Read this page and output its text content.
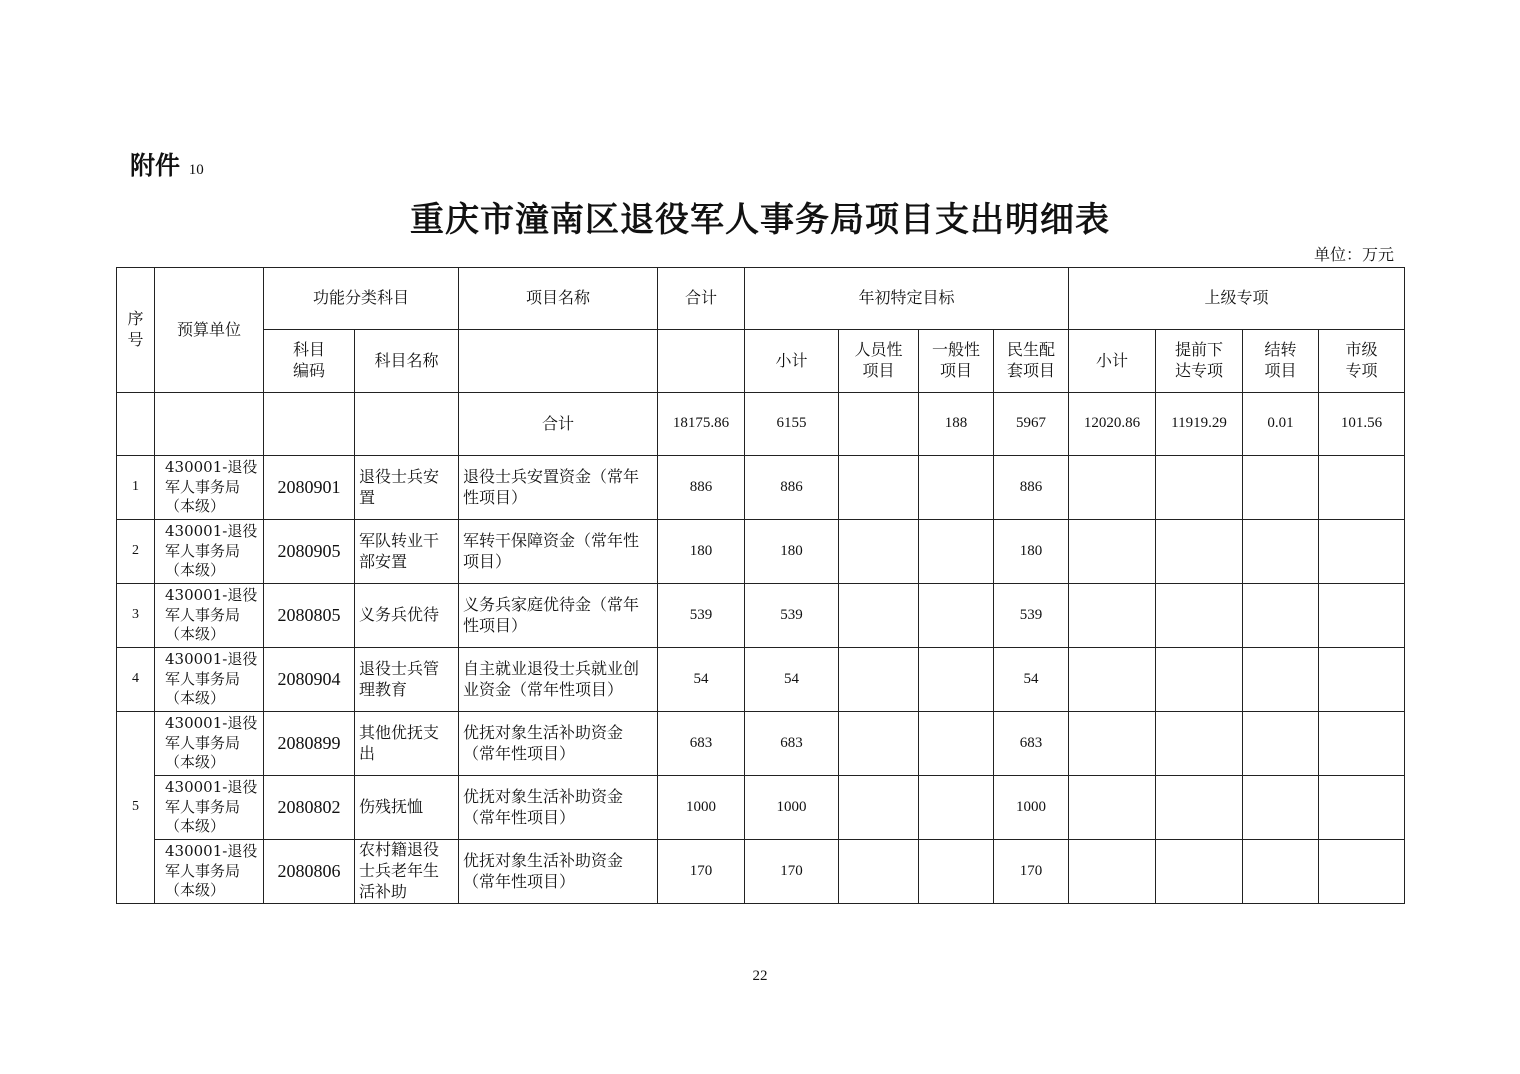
附件 10
重庆市潼南区退役军人事务局项目支出明细表
单位：万元
序号	预算单位	功能分类科目		项目名称	合计	年初特定目标				上级专项			
		科目编码	科目名称			小计	人员性项目	一般性项目	民生配套项目	小计	提前下达专项	结转项目	市级专项
				合计	18175.86	6155		188	5967	12020.86	11919.29	0.01	101.56
1	430001-退役军人事务局（本级）	2080901	退役士兵安置	退役士兵安置资金（常年性项目）	886	886			886				
2	430001-退役军人事务局（本级）	2080905	军队转业干部安置	军转干保障资金（常年性项目）	180	180			180				
3	430001-退役军人事务局（本级）	2080805	义务兵优待	义务兵家庭优待金（常年性项目）	539	539			539				
4	430001-退役军人事务局（本级）	2080904	退役士兵管理教育	自主就业退役士兵就业创业资金（常年性项目）	54	54			54				
5	430001-退役军人事务局（本级）	2080899	其他优抚支出	优抚对象生活补助资金（常年性项目）	683	683			683				
	430001-退役军人事务局（本级）	2080802	伤残抚恤	优抚对象生活补助资金（常年性项目）	1000	1000			1000				
	430001-退役军人事务局（本级）	2080806	农村籍退役士兵老年生活补助	优抚对象生活补助资金（常年性项目）	170	170			170				
22
